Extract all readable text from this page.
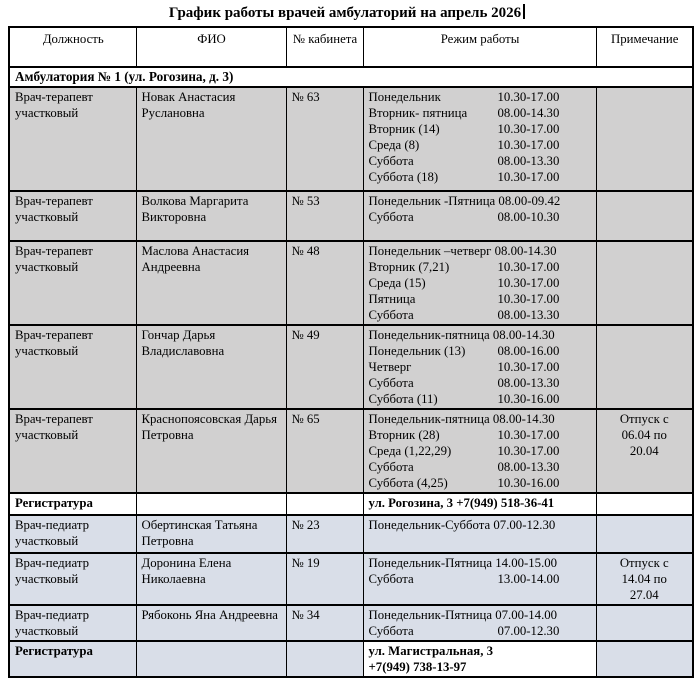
График работы врачей амбулаторий на апрель 2026
Должность	ФИО	№ кабинета	Режим работы	Примечание
Амбулатория № 1 (ул. Рогозина, д. 3)				
Врач-терапевт участковый	Новак Анастасия Руслановна	№ 63	Понедельник	10.30-17.00
Вторник- пятница 08.00-14.30
Вторник (14)	10.30-17.00
Среда (8)	10.30-17.00
Суббота	08.00-13.30
Суббота (18)	10.30-17.00

Врач-терапевт участковый	Волкова Маргарита Викторовна	№ 53	Понедельник -Пятница 08.00-09.42
Суббота 08.00-10.30	

Врач-терапевт участковый	Маслова Анастасия Андреевна	№ 48	Понедельник –четверг 08.00-14.30
Вторник (7,21) 10.30-17.00
Среда (15) 10.30-17.00
Пятница 10.30-17.00
Суббота 08.00-13.30	

Врач-терапевт участковый	Гончар Дарья Владиславовна	№ 49	Понедельник-пятница 08.00-14.30
Понедельник (13) 08.00-16.00
Четверг 10.30-17.00
Суббота 08.00-13.30
Суббота (11) 10.30-16.00	

Врач-терапевт участковый	Краснопоясовская Дарья Петровна	№ 65	Понедельник-пятница 08.00-14.30
Вторник (28) 10.30-17.00
Среда (1,22,29) 10.30-17.00
Суббота 08.00-13.30
Суббота (4,25) 10.30-16.00	Отпуск с 06.04 по 20.04
Регистратура			ул. Рогозина, 3 +7(949) 518-36-41	

Врач-педиатр участковый	Обертинская Татьяна Петровна	№ 23	Понедельник-Суббота 07.00-12.30	

Врач-педиатр участковый	Доронина Елена Николаевна	№ 19	Понедельник-Пятница 14.00-15.00
Суббота 13.00-14.00	Отпуск с 14.04 по 27.04
Врач-педиатр участковый	Рябоконь Яна Андреевна	№ 34	Понедельник-Пятница 07.00-14.00
Суббота 07.00-12.30	

Регистратура			ул. Магистральная, 3
+7(949) 738-13-97	
